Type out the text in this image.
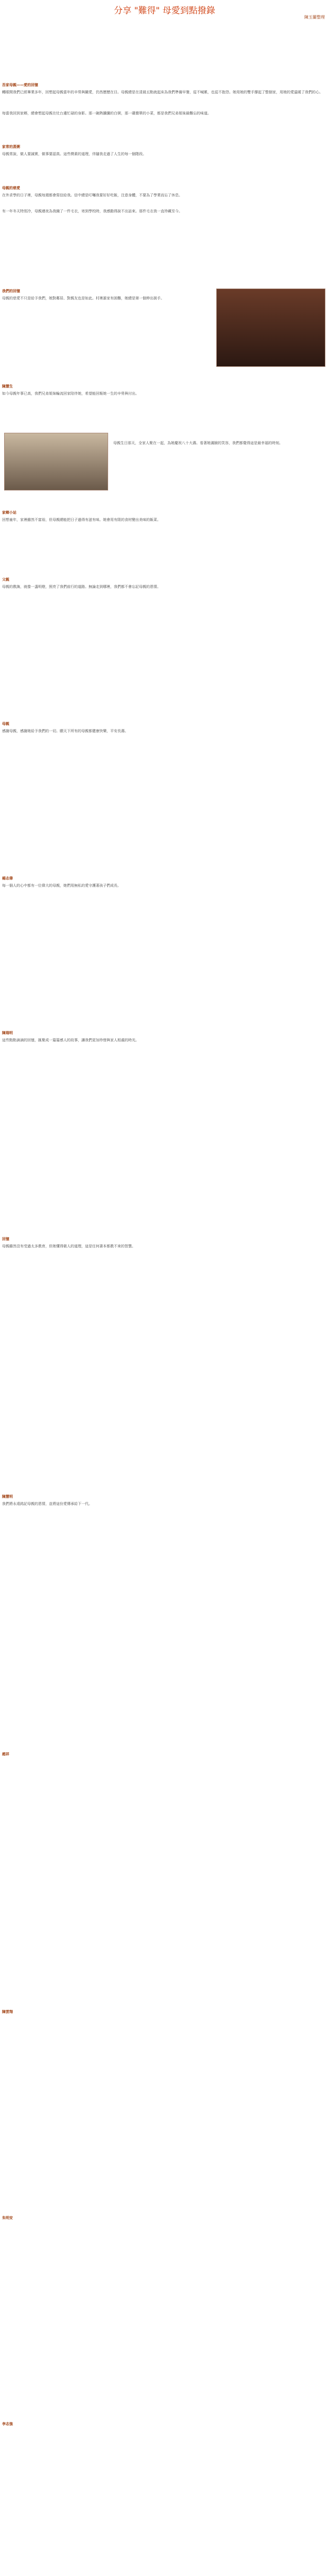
分享 "難得" 母愛到點撥錄
陳玉蘭整理

吾家母親——愛的回憶

轉眼間我們已經畢業多年，回想起母親當年的辛勞與關愛，仍然歷歷在目。母親總是在清晨五點就起床為我們準備早餐，從不喊累，也從不抱怨。她用她的雙手撐起了整個家，用她的愛溫暖了我們的心。

每當我回到家鄉，總會想起母親在灶台邊忙碌的身影。那一碗熱騰騰的白粥，那一碟簡單的小菜，都是我們兄弟姐妹最難忘的味道。

家常的蒸粥

母親常說，做人要誠實，做事要認真。這些樸素的道理，伴隨我走過了人生的每一個階段。

母親的慈愛

在外求學的日子裡，母親每週都會寫信給我。信中總是叮囑我要好好吃飯，注意身體，不要為了學業而忘了休息。

有一年冬天特別冷，母親連夜為我織了一件毛衣，寄到學校時，我感動得說不出話來。那件毛衣我一直珍藏至今。

我們的回憶

母親的慈愛不只是給予我們，她對鄰居、對親友也是如此。村裡誰家有困難，她總是第一個伸出援手。

陳慧生

如今母親年事已高，我們兄弟姐妹輪流回家陪伴她，希望能回報她一生的辛勞與付出。

母親生日那天，全家人聚在一起，為她慶祝八十大壽。看著她滿臉的笑容，我們都覺得這是最幸福的時刻。

家鄉小站

回想童年，家裡雖然不富裕，但母親總能把日子過得有滋有味。她會用有限的食材變出美味的飯菜。

父親

母親的教誨，就像一盞明燈，照亮了我們前行的道路。無論走到哪裡，我們都不會忘記母親的恩情。

母親

感謝母親，感謝她給予我們的一切。願天下所有的母親都健康快樂，平安長壽。

楊志偉

每一個人的心中都有一位偉大的母親，她們用無私的愛守護著孩子們成長。

陳瑞明

這些點點滴滴的回憶，匯聚成一篇篇感人的故事，讓我們更加珍惜與家人相處的時光。

回憶

母親雖然沒有受過太多教育，但她懂得做人的道理，這是任何書本都教不來的智慧。

陳慧明

我們將永遠銘記母親的恩情，並將這份愛傳承給下一代。

趙祥

陳雲翔

朱明安

李志強
